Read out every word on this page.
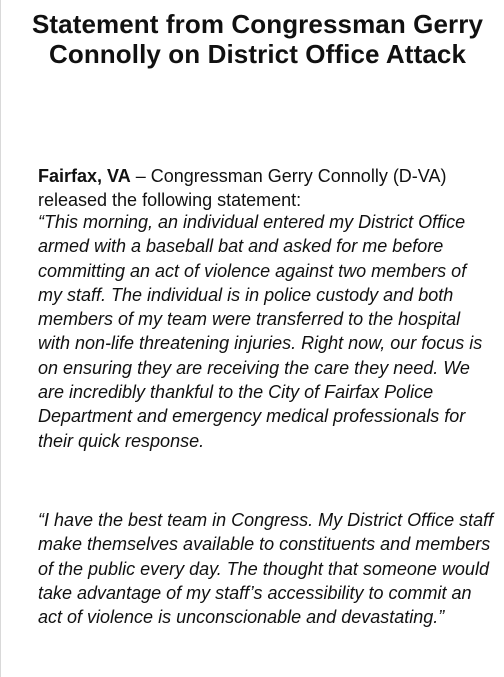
Statement from Congressman Gerry Connolly on District Office Attack

Fairfax, VA – Congressman Gerry Connolly (D-VA) released the following statement:

“This morning, an individual entered my District Office armed with a baseball bat and asked for me before committing an act of violence against two members of my staff. The individual is in police custody and both members of my team were transferred to the hospital with non-life threatening injuries. Right now, our focus is on ensuring they are receiving the care they need. We are incredibly thankful to the City of Fairfax Police Department and emergency medical professionals for their quick response.

“I have the best team in Congress. My District Office staff make themselves available to constituents and members of the public every day. The thought that someone would take advantage of my staff’s accessibility to commit an act of violence is unconscionable and devastating.”
